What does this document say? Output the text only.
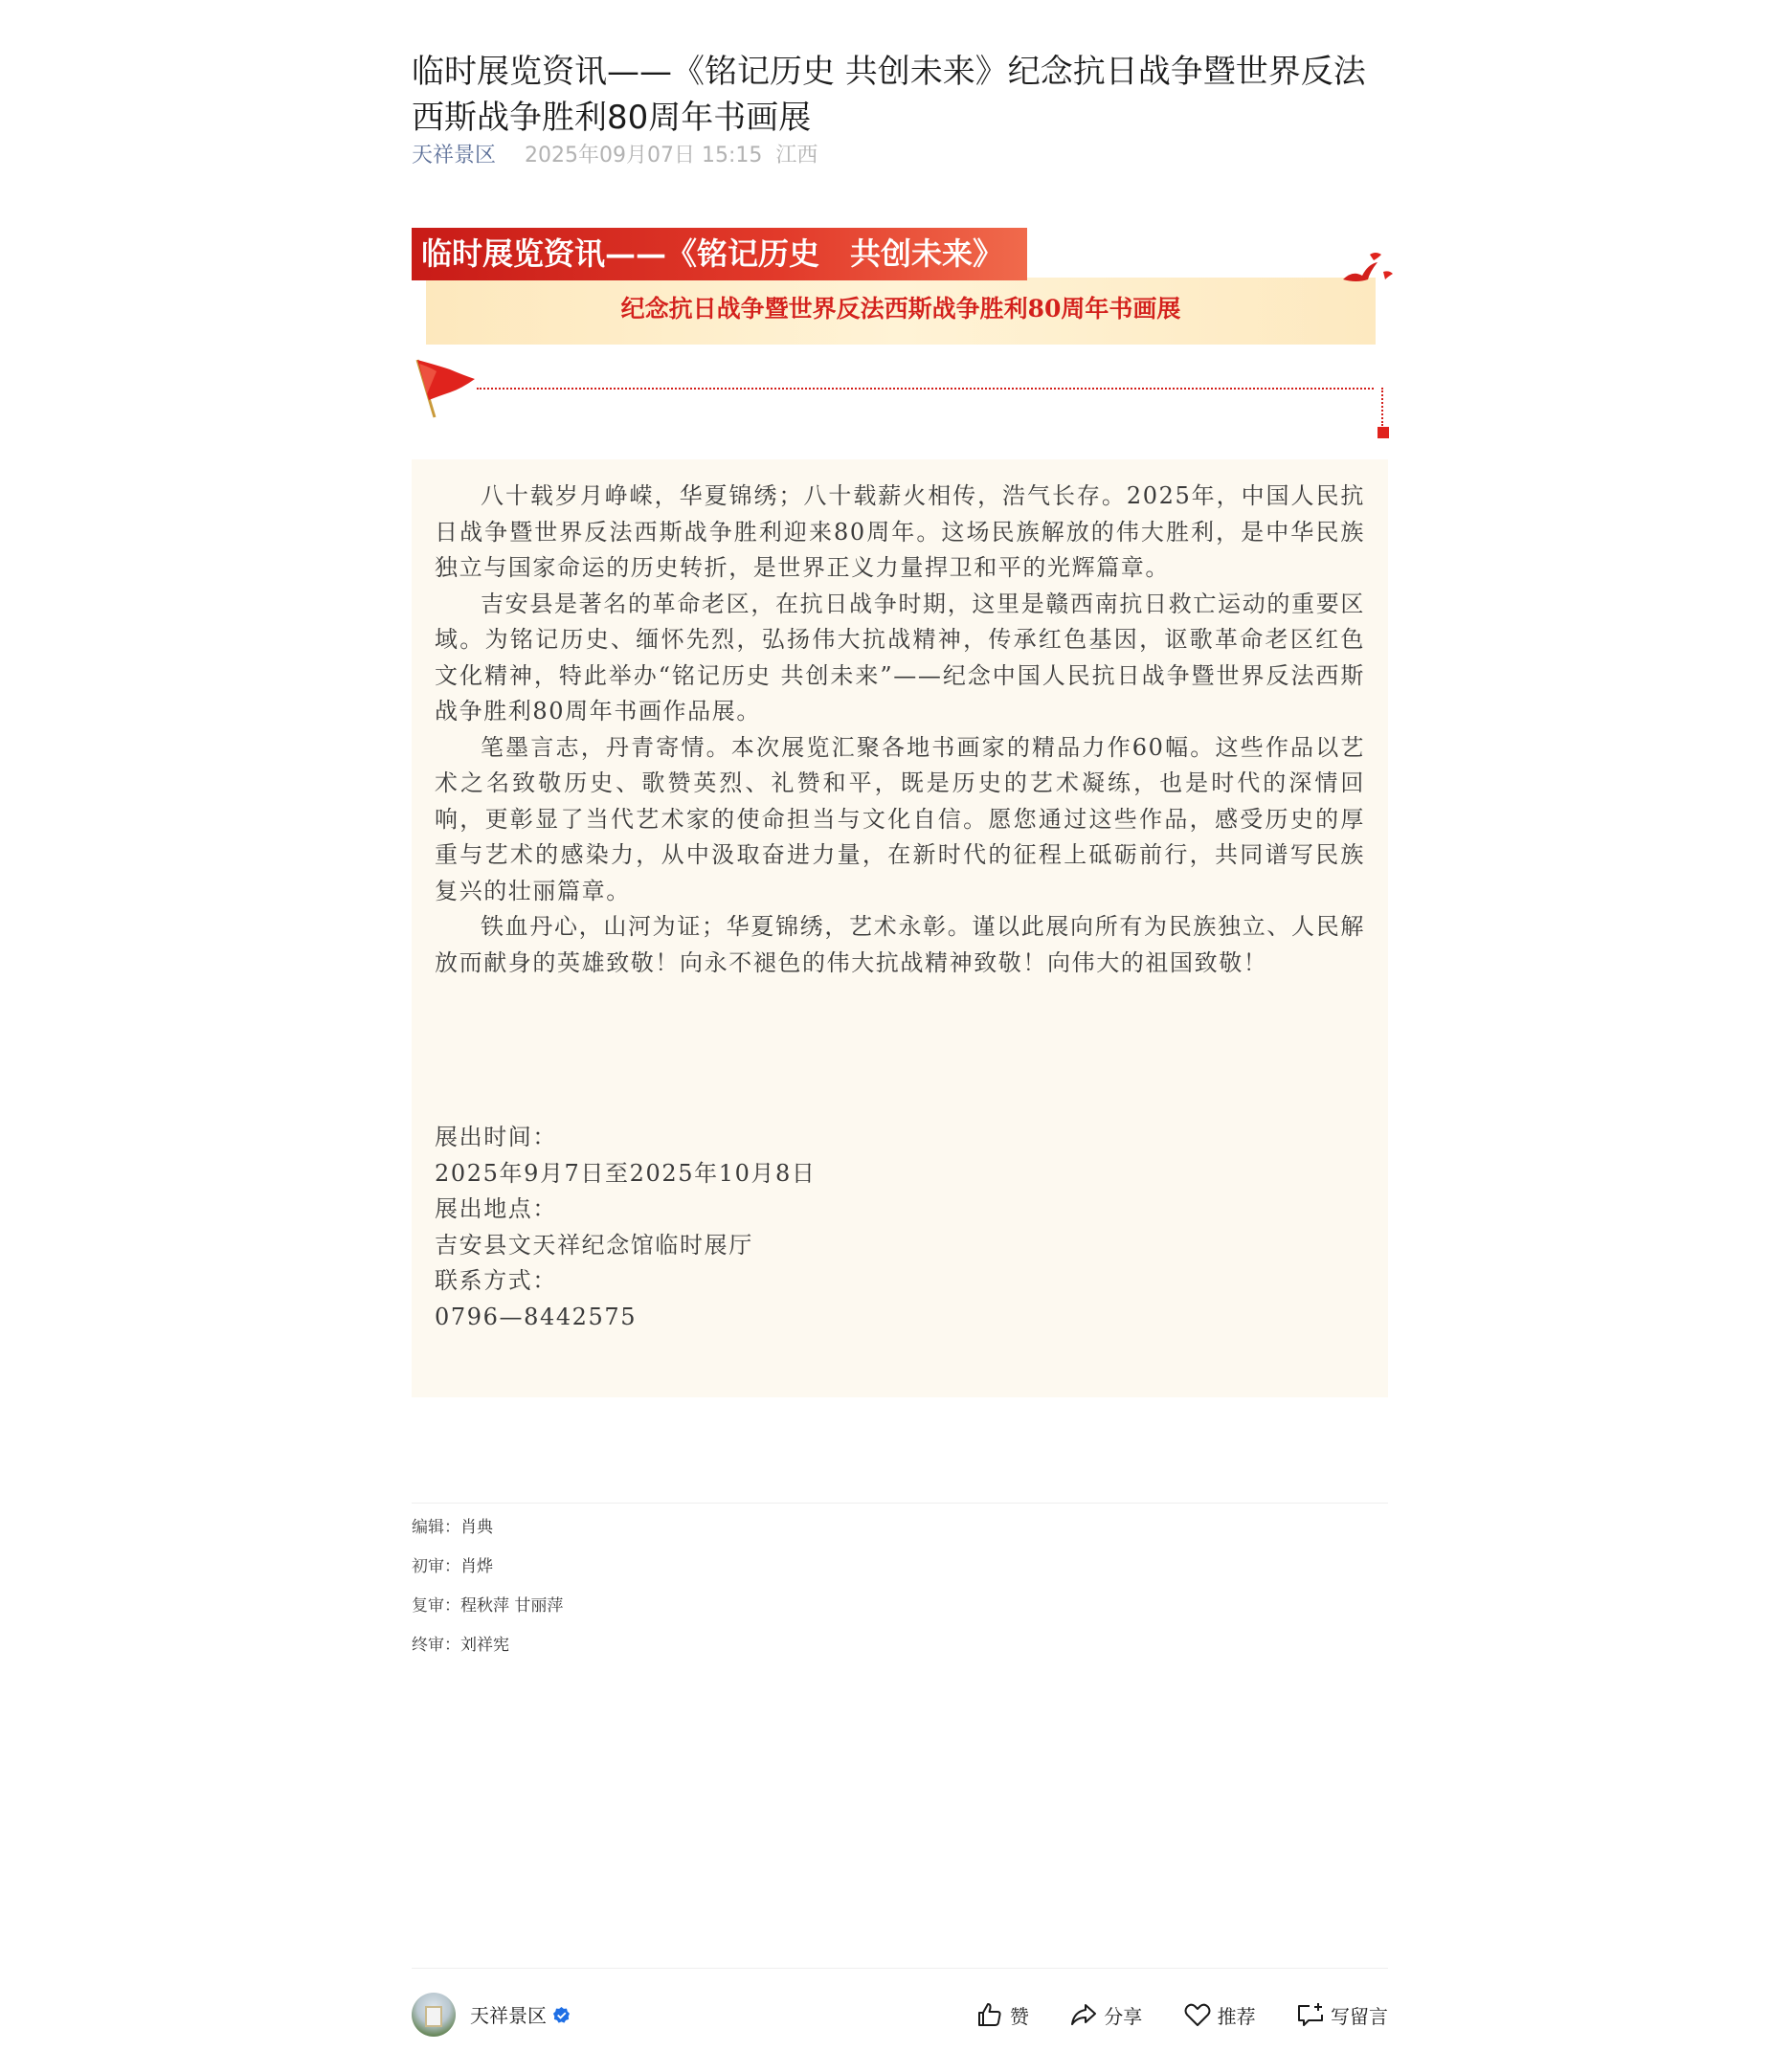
临时展览资讯——《铭记历史 共创未来》纪念抗日战争暨世界反法西斯战争胜利80周年书画展
天祥景区 2025年09月07日 15:15 江西
纪念抗日战争暨世界反法西斯战争胜利80周年书画展
临时展览资讯——《铭记历史　共创未来》

八十载岁月峥嵘，华夏锦绣；八十载薪火相传，浩气长存。2025年，中国人民抗日战争暨世界反法西斯战争胜利迎来80周年。这场民族解放的伟大胜利，是中华民族独立与国家命运的历史转折，是世界正义力量捍卫和平的光辉篇章。

吉安县是著名的革命老区，在抗日战争时期，这里是赣西南抗日救亡运动的重要区域。为铭记历史、缅怀先烈，弘扬伟大抗战精神，传承红色基因，讴歌革命老区红色文化精神，特此举办“铭记历史 共创未来”——纪念中国人民抗日战争暨世界反法西斯战争胜利80周年书画作品展。

笔墨言志，丹青寄情。本次展览汇聚各地书画家的精品力作60幅。这些作品以艺术之名致敬历史、歌赞英烈、礼赞和平，既是历史的艺术凝练，也是时代的深情回响，更彰显了当代艺术家的使命担当与文化自信。愿您通过这些作品，感受历史的厚重与艺术的感染力，从中汲取奋进力量，在新时代的征程上砥砺前行，共同谱写民族复兴的壮丽篇章。

铁血丹心，山河为证；华夏锦绣，艺术永彰。谨以此展向所有为民族独立、人民解放而献身的英雄致敬！向永不褪色的伟大抗战精神致敬！向伟大的祖国致敬！

展出时间：
2025年9月7日至2025年10月8日
展出地点：
吉安县文天祥纪念馆临时展厅
联系方式：
0796—8442575
编辑：肖典
初审：肖烨
复审：程秋萍 甘丽萍
终审：刘祥宪
天祥景区	赞
	分享
	推荐
	写留言
